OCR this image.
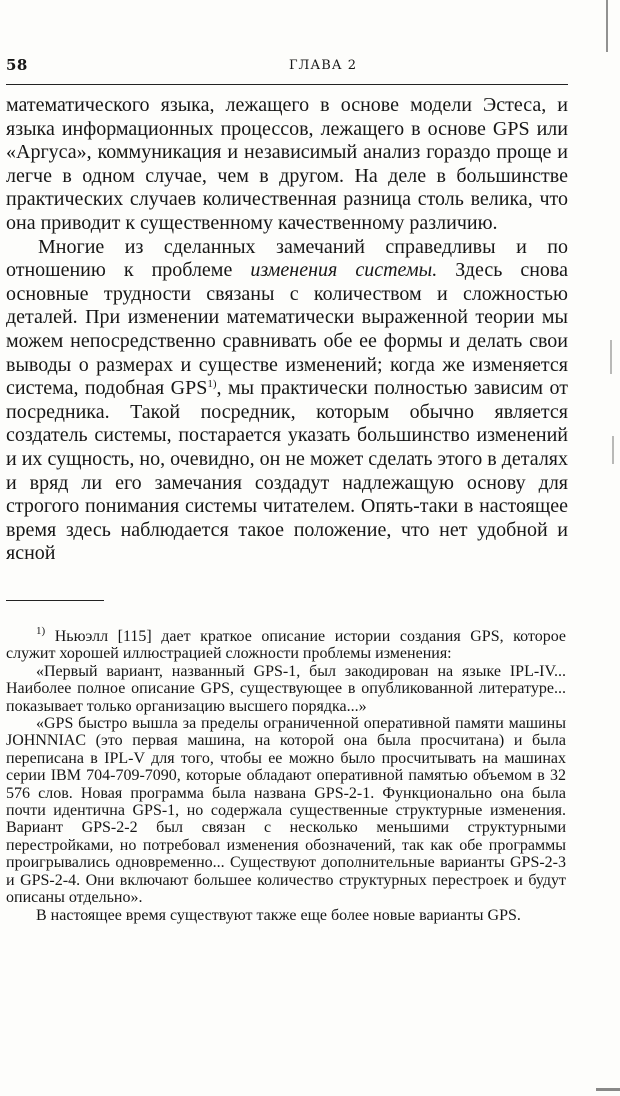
58	ГЛАВА 2

математического языка, лежащего в основе модели Эстеса, и языка информационных процессов, лежащего в основе GPS или «Аргуса», коммуникация и независимый анализ гораздо проще и легче в одном случае, чем в другом. На деле в большинстве практических случаев количественная разница столь велика, что она приводит к существенному качественному различию.

Многие из сделанных замечаний справедливы и по отношению к проблеме изменения системы. Здесь снова основные трудности связаны с количеством и сложностью деталей. При изменении математически выраженной теории мы можем непосредственно сравнивать обе ее формы и делать свои выводы о размерах и существе изменений; когда же изменяется система, подобная GPS$^{1)}$, мы практически полностью зависим от посредника. Такой посредник, которым обычно является создатель системы, постарается указать большинство изменений и их сущность, но, очевидно, он не может сделать этого в деталях и вряд ли его замечания создадут надлежащую основу для строгого понимания системы читателем. Опять-таки в настоящее время здесь наблюдается такое положение, что нет удобной и ясной

$^{1)}$ Ньюэлл [115] дает краткое описание истории создания GPS, которое служит хорошей иллюстрацией сложности проблемы изменения:

«Первый вариант, названный GPS-1, был закодирован на языке IPL-IV... Наиболее полное описание GPS, существующее в опубликованной литературе... показывает только организацию высшего порядка...»

«GPS быстро вышла за пределы ограниченной оперативной памяти машины JOHNNIAC (это первая машина, на которой она была просчитана) и была переписана в IPL-V для того, чтобы ее можно было просчитывать на машинах серии IBM 704-709-7090, которые обладают оперативной памятью объемом в 32 576 слов. Новая программа была названа GPS-2-1. Функционально она была почти идентична GPS-1, но содержала существенные структурные изменения. Вариант GPS-2-2 был связан с несколько меньшими структурными перестройками, но потребовал изменения обозначений, так как обе программы проигрывались одновременно... Существуют дополнительные варианты GPS-2-3 и GPS-2-4. Они включают большее количество структурных перестроек и будут описаны отдельно».

В настоящее время существуют также еще более новые варианты GPS.
